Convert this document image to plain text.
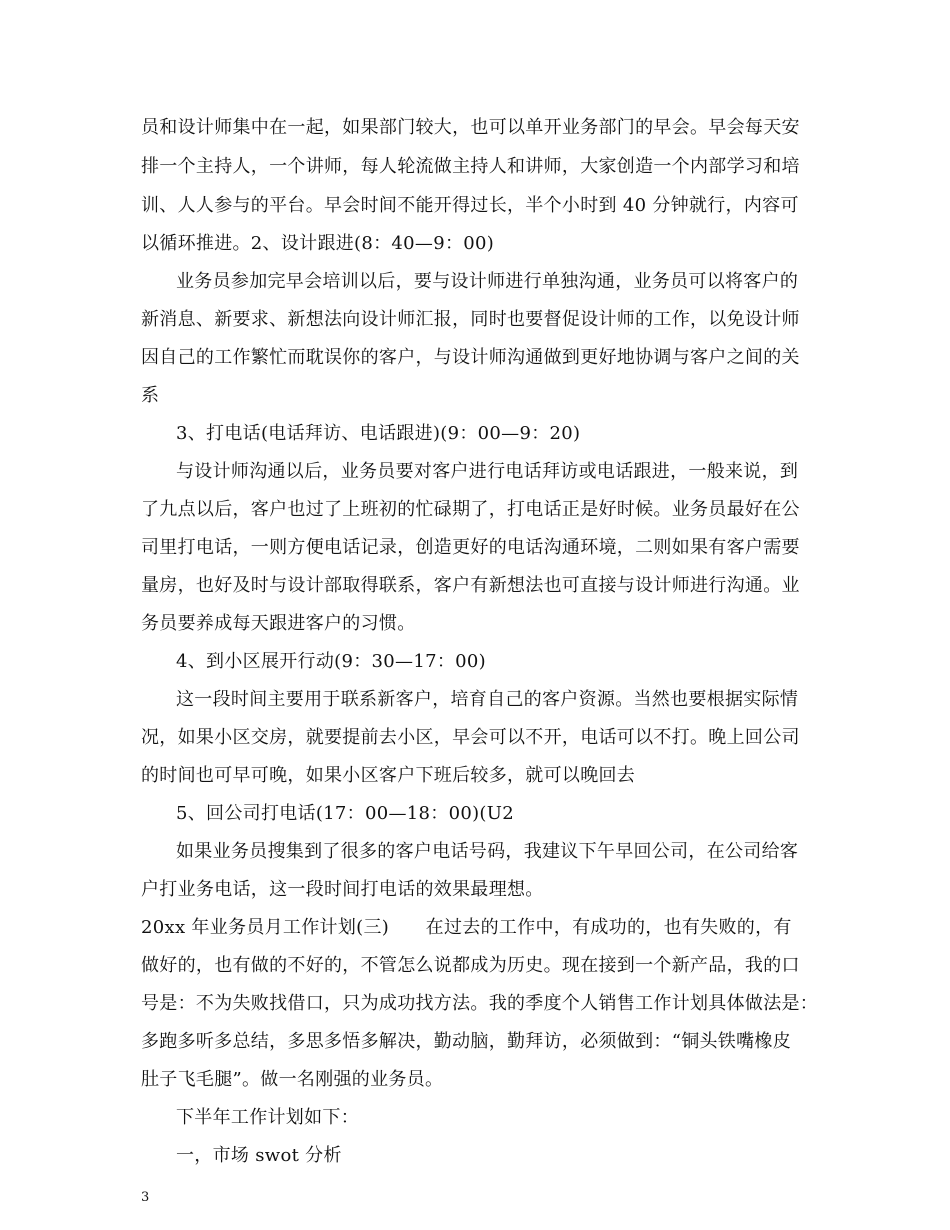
员和设计师集中在一起，如果部门较大，也可以单开业务部门的早会。早会每天安
排一个主持人，一个讲师，每人轮流做主持人和讲师，大家创造一个内部学习和培
训、人人参与的平台。早会时间不能开得过长，半个小时到 40 分钟就行，内容可
以循环推进。2、设计跟进(8：40—9：00)
业务员参加完早会培训以后，要与设计师进行单独沟通，业务员可以将客户的
新消息、新要求、新想法向设计师汇报，同时也要督促设计师的工作，以免设计师
因自己的工作繁忙而耽误你的客户，与设计师沟通做到更好地协调与客户之间的关
系
3、打电话(电话拜访、电话跟进)(9：00—9：20)
与设计师沟通以后，业务员要对客户进行电话拜访或电话跟进，一般来说，到
了九点以后，客户也过了上班初的忙碌期了，打电话正是好时候。业务员最好在公
司里打电话，一则方便电话记录，创造更好的电话沟通环境，二则如果有客户需要
量房，也好及时与设计部取得联系，客户有新想法也可直接与设计师进行沟通。业
务员要养成每天跟进客户的习惯。
4、到小区展开行动(9：30—17：00)
这一段时间主要用于联系新客户，培育自己的客户资源。当然也要根据实际情
况，如果小区交房，就要提前去小区，早会可以不开，电话可以不打。晚上回公司
的时间也可早可晚，如果小区客户下班后较多，就可以晚回去
5、回公司打电话(17：00—18：00)(U2
如果业务员搜集到了很多的客户电话号码，我建议下午早回公司，在公司给客
户打业务电话，这一段时间打电话的效果最理想。
20xx 年业务员月工作计划(三)　　在过去的工作中，有成功的，也有失败的，有
做好的，也有做的不好的，不管怎么说都成为历史。现在接到一个新产品，我的口
号是：不为失败找借口，只为成功找方法。我的季度个人销售工作计划具体做法是：
多跑多听多总结，多思多悟多解决，勤动脑，勤拜访，必须做到：“铜头铁嘴橡皮
肚子飞毛腿”。做一名刚强的业务员。
下半年工作计划如下：
一，市场 swot 分析
3
